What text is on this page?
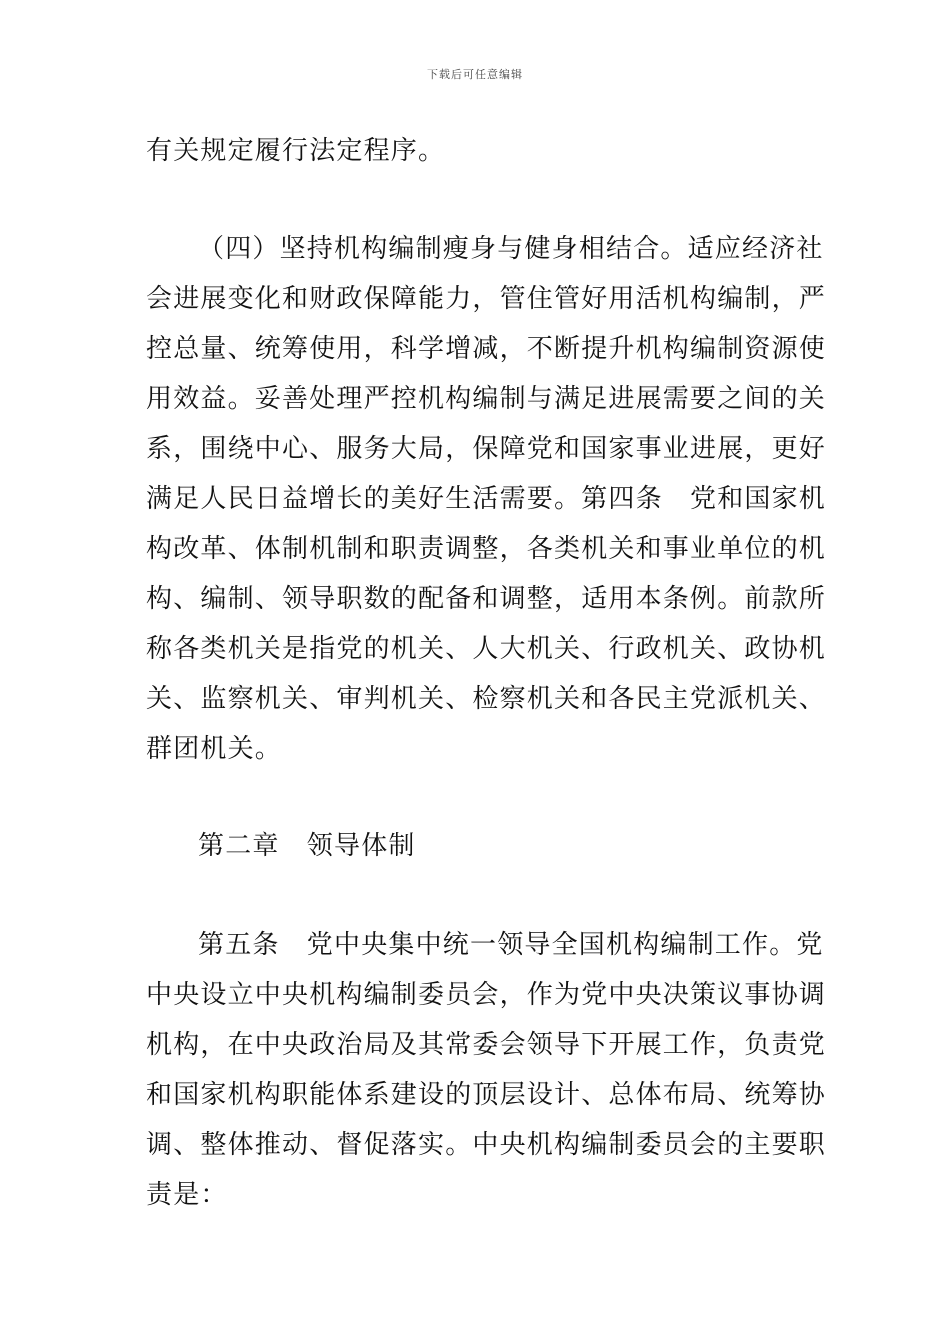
下载后可任意编辑
有关规定履行法定程序。
（四）坚持机构编制瘦身与健身相结合。适应经济社
会进展变化和财政保障能力，管住管好用活机构编制，严
控总量、统筹使用，科学增减，不断提升机构编制资源使
用效益。妥善处理严控机构编制与满足进展需要之间的关
系，围绕中心、服务大局，保障党和国家事业进展，更好
满足人民日益增长的美好生活需要。第四条　党和国家机
构改革、体制机制和职责调整，各类机关和事业单位的机
构、编制、领导职数的配备和调整，适用本条例。前款所
称各类机关是指党的机关、人大机关、行政机关、政协机
关、监察机关、审判机关、检察机关和各民主党派机关、
群团机关。
第二章　领导体制
第五条　党中央集中统一领导全国机构编制工作。党
中央设立中央机构编制委员会，作为党中央决策议事协调
机构，在中央政治局及其常委会领导下开展工作，负责党
和国家机构职能体系建设的顶层设计、总体布局、统筹协
调、整体推动、督促落实。中央机构编制委员会的主要职
责是：
